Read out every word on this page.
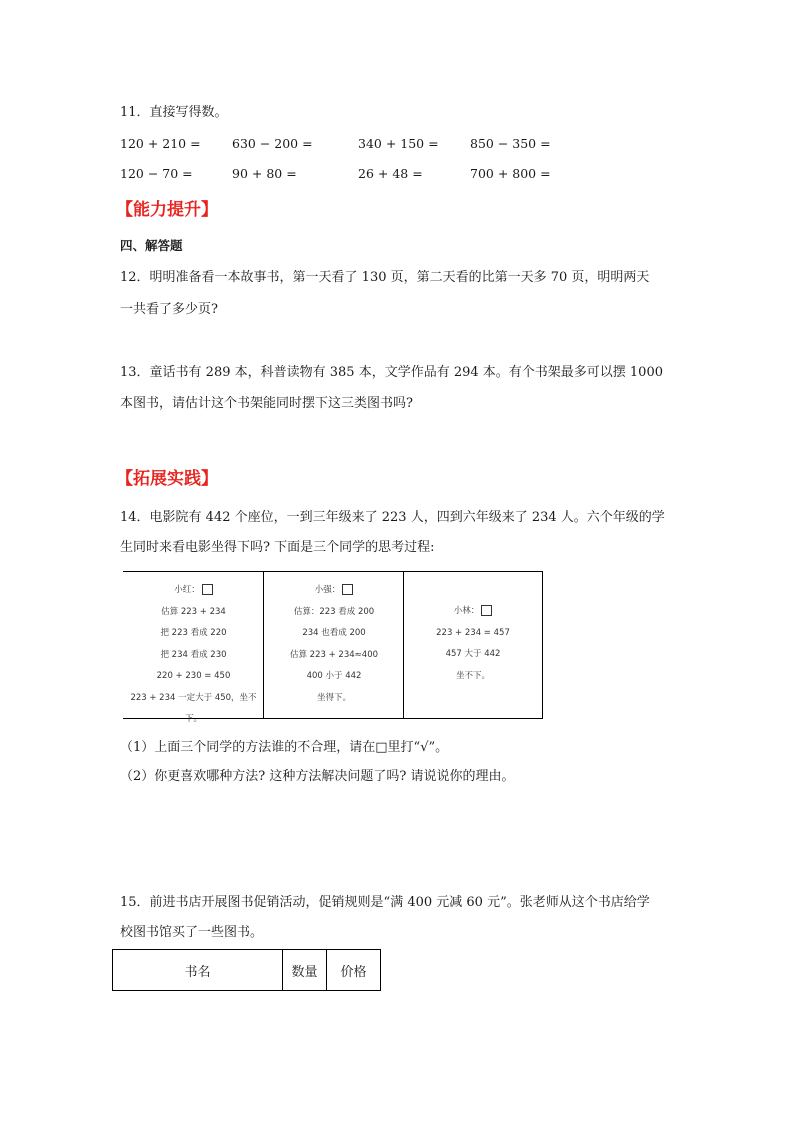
11．直接写得数。
120 + 210 =	630 − 200 =	340 + 150 =	850 − 350 =
120 − 70 =	90 + 80 =	26 + 48 =	700 + 800 =
【能力提升】
四、解答题
12．明明准备看一本故事书，第一天看了 130 页，第二天看的比第一天多 70 页，明明两天
一共看了多少页?
13．童话书有 289 本，科普读物有 385 本，文学作品有 294 本。有个书架最多可以摆 1000
本图书，请估计这个书架能同时摆下这三类图书吗?
【拓展实践】
14．电影院有 442 个座位，一到三年级来了 223 人，四到六年级来了 234 人。六个年级的学
生同时来看电影坐得下吗? 下面是三个同学的思考过程:
小红：
估算 223 + 234
把 223 看成 220
把 234 看成 230
220 + 230 = 450
223 + 234 一定大于 450，坐不
下。
小强：
估算：223 看成 200
234 也看成 200
估算 223 + 234≈400
400 小于 442
坐得下。
小林：
223 + 234 = 457
457 大于 442
坐不下。
（1）上面三个同学的方法谁的不合理，请在□里打“√”。
（2）你更喜欢哪种方法? 这种方法解决问题了吗? 请说说你的理由。
15．前进书店开展图书促销活动，促销规则是“满 400 元减 60 元”。张老师从这个书店给学
校图书馆买了一些图书。
书名	数量	价格
